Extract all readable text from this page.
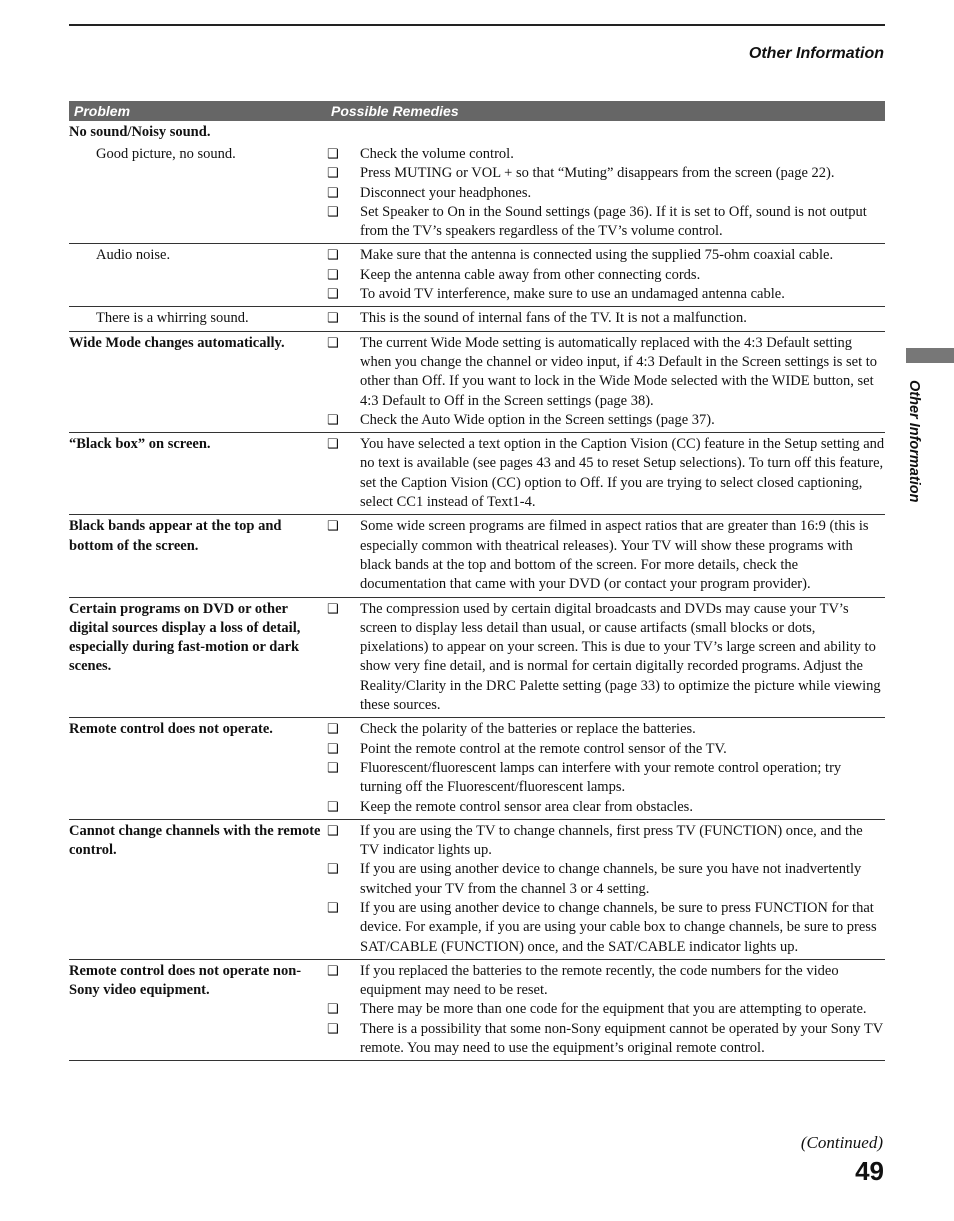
Other Information
Other Information
Problem	Possible Remedies
No sound/Noisy sound.
Good picture, no sound.	❑	Check the volume control.
❑	Press MUTING or VOL + so that “Muting” disappears from the screen (page 22).
❑	Disconnect your headphones.
❑	Set Speaker to On in the Sound settings (page 36). If it is set to Off, sound is not output from the TV’s speakers regardless of the TV’s volume control.
Audio noise.	❑	Make sure that the antenna is connected using the supplied 75-ohm coaxial cable.
❑	Keep the antenna cable away from other connecting cords.
❑	To avoid TV interference, make sure to use an undamaged antenna cable.
There is a whirring sound.	❑	This is the sound of internal fans of the TV. It is not a malfunction.
Wide Mode changes automatically.	❑	The current Wide Mode setting is automatically replaced with the 4:3 Default setting when you change the channel or video input, if 4:3 Default in the Screen settings is set to other than Off. If you want to lock in the Wide Mode selected with the WIDE button, set 4:3 Default to Off in the Screen settings (page 38).
❑	Check the Auto Wide option in the Screen settings (page 37).
“Black box” on screen.	❑	You have selected a text option in the Caption Vision (CC) feature in the Setup setting and no text is available (see pages 43 and 45 to reset Setup selections). To turn off this feature, set the Caption Vision (CC) option to Off. If you are trying to select closed captioning, select CC1 instead of Text1-4.
Black bands appear at the top and bottom of the screen.
❑	Some wide screen programs are filmed in aspect ratios that are greater than 16:9 (this is especially common with theatrical releases). Your TV will show these programs with black bands at the top and bottom of the screen. For more details, check the documentation that came with your DVD (or contact your program provider).
Certain programs on DVD or other digital sources display a loss of detail, especially during fast-motion or dark scenes.
❑	The compression used by certain digital broadcasts and DVDs may cause your TV’s screen to display less detail than usual, or cause artifacts (small blocks or dots, pixelations) to appear on your screen. This is due to your TV’s large screen and ability to show very fine detail, and is normal for certain digitally recorded programs. Adjust the Reality/Clarity in the DRC Palette setting (page 33) to optimize the picture while viewing these sources.
Remote control does not operate.	❑	Check the polarity of the batteries or replace the batteries.
❑	Point the remote control at the remote control sensor of the TV.
❑	Fluorescent/fluorescent lamps can interfere with your remote control operation; try turning off the Fluorescent/fluorescent lamps.
❑	Keep the remote control sensor area clear from obstacles.
Cannot change channels with the remote control.
❑	If you are using the TV to change channels, first press TV (FUNCTION) once, and the TV indicator lights up.
❑	If you are using another device to change channels, be sure you have not inadvertently switched your TV from the channel 3 or 4 setting.
❑	If you are using another device to change channels, be sure to press FUNCTION for that device. For example, if you are using your cable box to change channels, be sure to press SAT/CABLE (FUNCTION) once, and the SAT/CABLE indicator lights up.
Remote control does not operate non-Sony video equipment.
❑	If you replaced the batteries to the remote recently, the code numbers for the video equipment may need to be reset.
❑	There may be more than one code for the equipment that you are attempting to operate.
❑	There is a possibility that some non-Sony equipment cannot be operated by your Sony TV remote. You may need to use the equipment’s original remote control.
(Continued)
49
